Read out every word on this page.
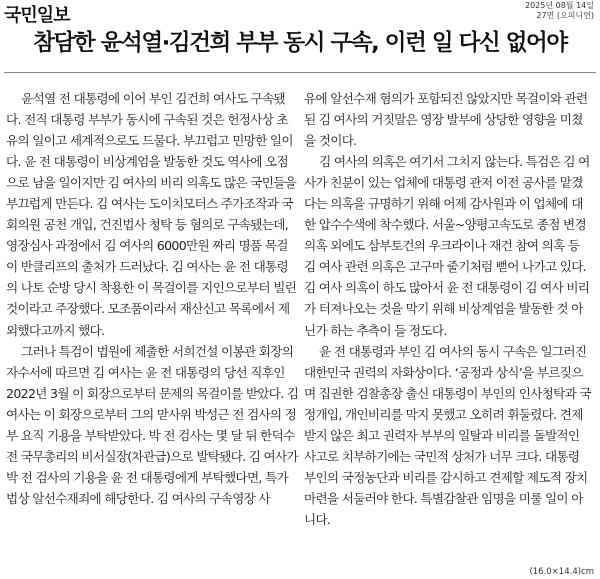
국민일보	2025년 08월 14일
27면 (오피니언)
참담한 윤석열·김건희 부부 동시 구속, 이런 일 다신 없어야

윤석열 전 대통령에 이어 부인 김건희 여사도 구속됐다. 전직 대통령 부부가 동시에 구속된 것은 헌정사상 초유의 일이고 세계적으로도 드물다. 부끄럽고 민망한 일이다. 윤 전 대통령이 비상계엄을 발동한 것도 역사에 오점으로 남을 일이지만 김 여사의 비리 의혹도 많은 국민들을 부끄럽게 만든다. 김 여사는 도이치모터스 주가조작과 국회의원 공천 개입, 건진법사 청탁 등 혐의로 구속됐는데, 영장심사 과정에서 김 여사의 6000만원 짜리 명품 목걸이 반클리프의 출처가 드러났다. 김 여사는 윤 전 대통령의 나토 순방 당시 착용한 이 목걸이를 지인으로부터 빌린 것이라고 주장했다. 모조품이라서 재산신고 목록에서 제외했다고까지 했다.

그러나 특검이 법원에 제출한 서희건설 이봉관 회장의 자수서에 따르면 김 여사는 윤 전 대통령의 당선 직후인 2022년 3월 이 회장으로부터 문제의 목걸이를 받았다. 김 여사는 이 회장으로부터 그의 맏사위 박성근 전 검사의 정부 요직 기용을 부탁받았다. 박 전 검사는 몇 달 뒤 한덕수 전 국무총리의 비서실장(차관급)으로 발탁됐다. 김 여사가 박 전 검사의 기용을 윤 전 대통령에게 부탁했다면, 특가법상 알선수재죄에 해당한다. 김 여사의 구속영장 사

유에 알선수재 혐의가 포함되진 않았지만 목걸이와 관련된 김 여사의 거짓말은 영장 발부에 상당한 영향을 미쳤을 것이다.

김 여사의 의혹은 여기서 그치지 않는다. 특검은 김 여사가 친분이 있는 업체에 대통령 관저 이전 공사를 맡겼다는 의혹을 규명하기 위해 어제 감사원과 이 업체에 대한 압수수색에 착수했다. 서울~양평고속도로 종점 변경 의혹 외에도 삼부토건의 우크라이나 재건 참여 의혹 등 김 여사 관련 의혹은 고구마 줄기처럼 뻗어 나가고 있다. 김 여사 의혹이 하도 많아서 윤 전 대통령이 김 여사 비리가 터져나오는 것을 막기 위해 비상계엄을 발동한 것 아닌가 하는 추측이 들 정도다.

윤 전 대통령과 부인 김 여사의 동시 구속은 일그러진 대한민국 권력의 자화상이다. ‘공정과 상식’을 부르짖으며 집권한 검찰총장 출신 대통령이 부인의 인사청탁과 국정개입, 개인비리를 막지 못했고 오히려 휘둘렸다. 견제받지 않은 최고 권력자 부부의 일탈과 비리를 돌발적인 사고로 치부하기에는 국민적 상처가 너무 크다. 대통령 부인의 국정농단과 비리를 감시하고 견제할 제도적 장치 마련을 서둘러야 한다. 특별감찰관 임명을 미룰 일이 아니다.

(16.0×14.4)cm
